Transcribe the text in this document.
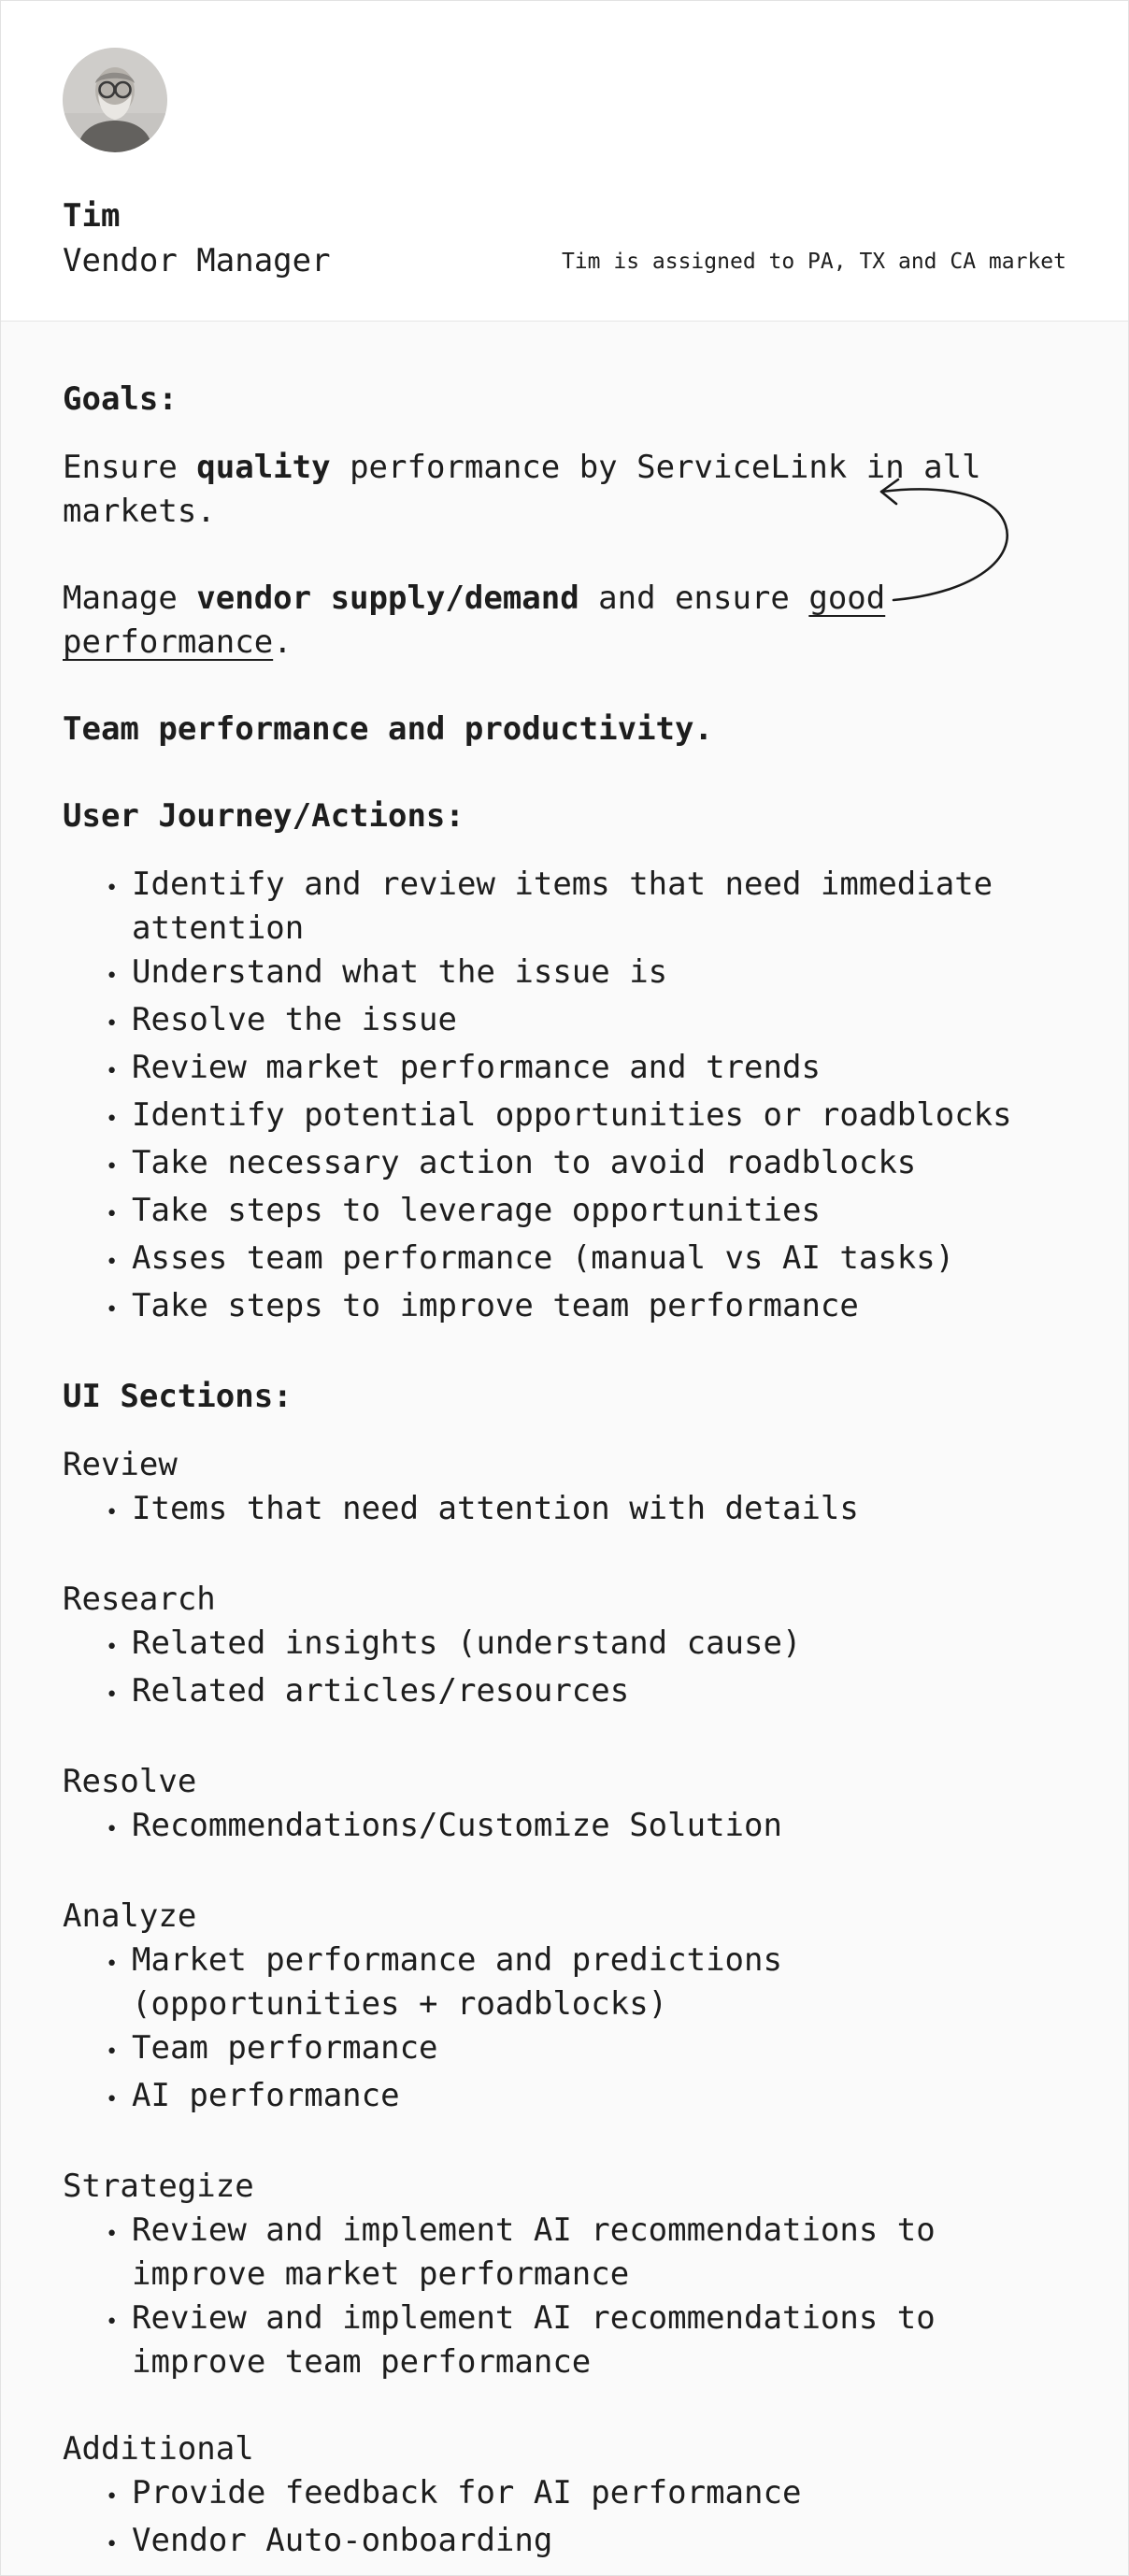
Tim
Vendor Manager	Tim is assigned to PA, TX and CA market
Goals:

Ensure quality performance by ServiceLink in all markets.

Manage vendor supply/demand and ensure good performance.

Team performance and productivity.

User Journey/Actions:
• Identify and review items that need immediate attention
• Understand what the issue is
• Resolve the issue
• Review market performance and trends
• Identify potential opportunities or roadblocks
• Take necessary action to avoid roadblocks
• Take steps to leverage opportunities
• Asses team performance (manual vs AI tasks)
• Take steps to improve team performance
UI Sections:
Review
• Items that need attention with details
Research
• Related insights (understand cause)
• Related articles/resources
Resolve
• Recommendations/Customize Solution
Analyze
• Market performance and predictions (opportunities + roadblocks)
• Team performance
• AI performance
Strategize
• Review and implement AI recommendations to improve market performance
• Review and implement AI recommendations to improve team performance
Additional
• Provide feedback for AI performance
• Vendor Auto-onboarding
